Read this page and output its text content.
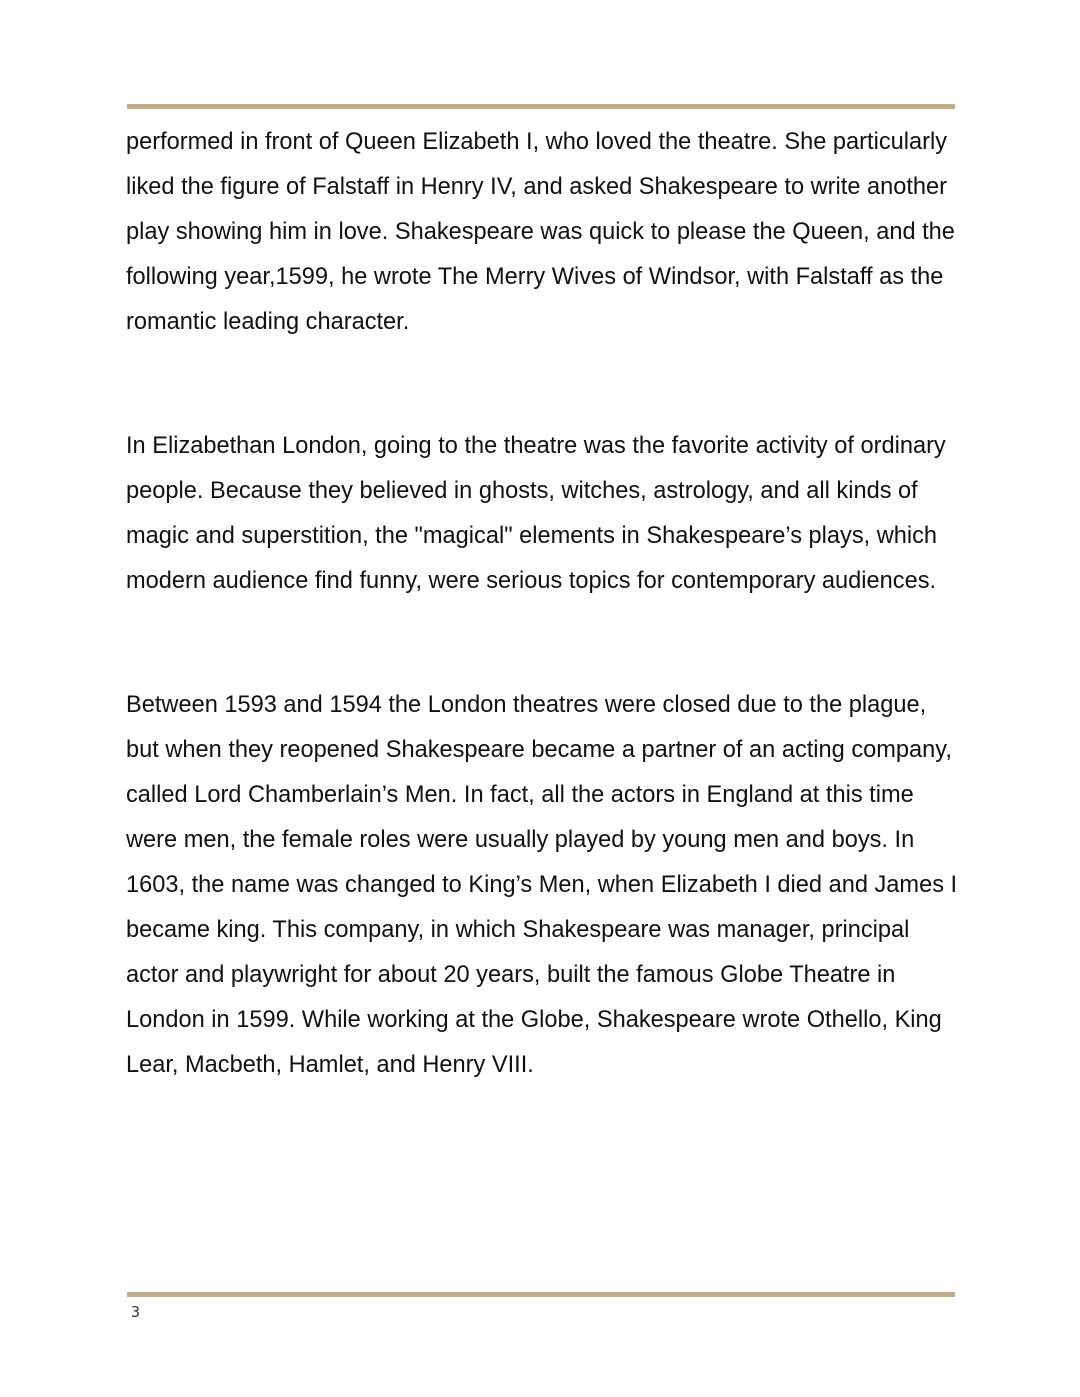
performed in front of Queen Elizabeth I, who loved the theatre. She particularly liked the figure of Falstaff in Henry IV, and asked Shakespeare to write another play showing him in love. Shakespeare was quick to please the Queen, and the following year,1599, he wrote The Merry Wives of Windsor, with Falstaff as the romantic leading character.

In Elizabethan London, going to the theatre was the favorite activity of ordinary people. Because they believed in ghosts, witches, astrology, and all kinds of magic and superstition, the "magical" elements in Shakespeare’s plays, which modern audience find funny, were serious topics for contemporary audiences.

Between 1593 and 1594 the London theatres were closed due to the plague, but when they reopened Shakespeare became a partner of an acting company, called Lord Chamberlain’s Men. In fact, all the actors in England at this time were men, the female roles were usually played by young men and boys. In 1603, the name was changed to King’s Men, when Elizabeth I died and James I became king. This company, in which Shakespeare was manager, principal actor and playwright for about 20 years, built the famous Globe Theatre in London in 1599. While working at the Globe, Shakespeare wrote Othello, King Lear, Macbeth, Hamlet, and Henry VIII.

3
